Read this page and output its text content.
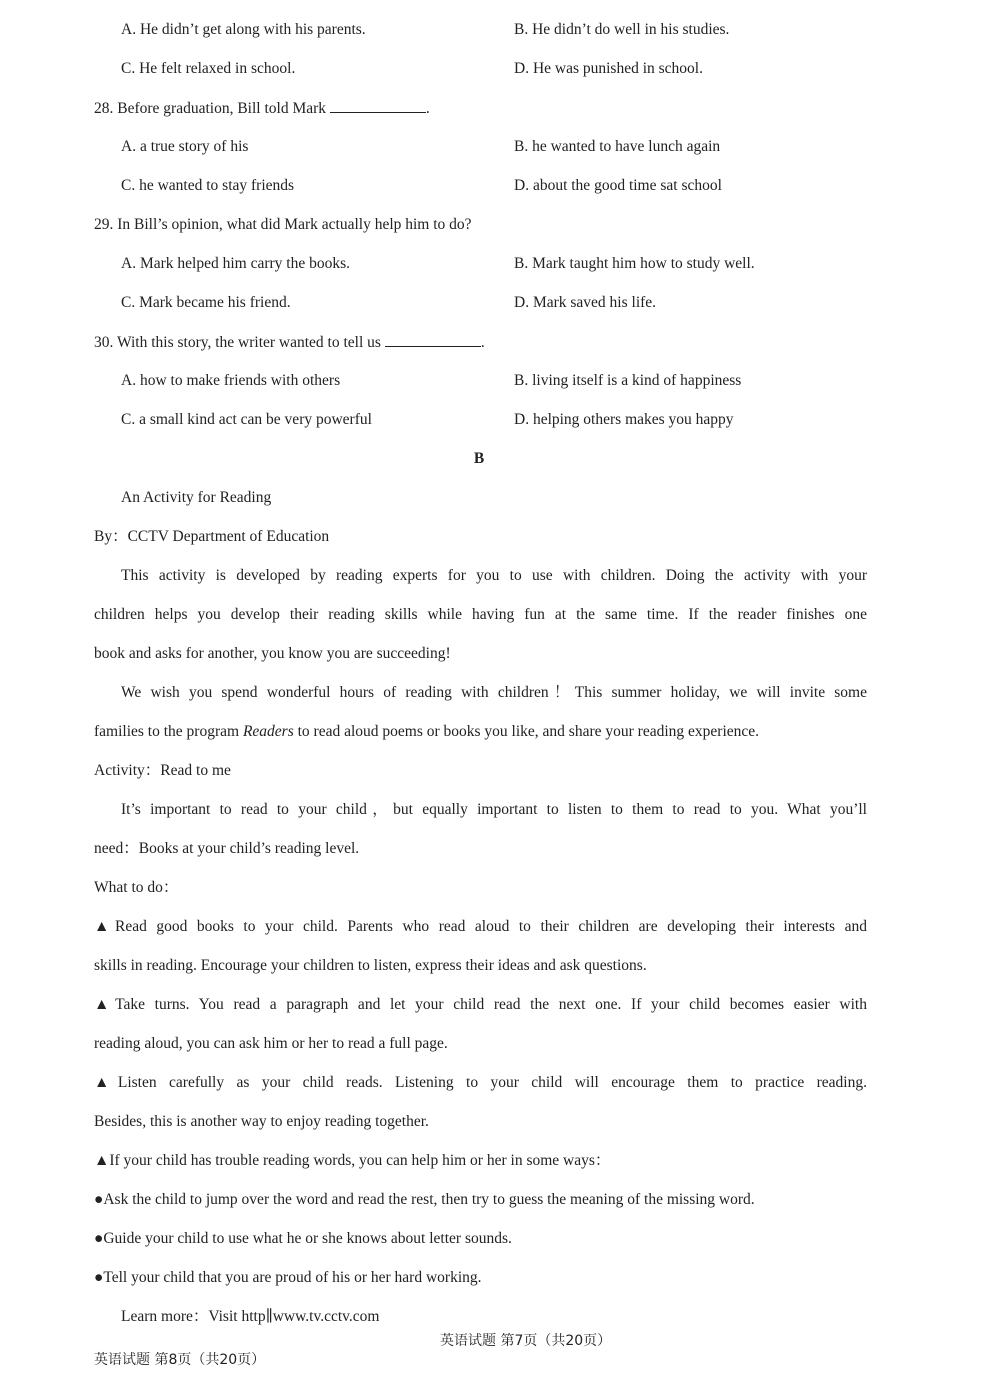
A. He didn’t get along with his parents.	B. He didn’t do well in his studies.
C. He felt relaxed in school.	D. He was punished in school.
28. Before graduation, Bill told Mark	.
A. a true story of his	B. he wanted to have lunch again
C. he wanted to stay friends	D. about the good time sat school
29. In Bill’s opinion, what did Mark actually help him to do?
A. Mark helped him carry the books.	B. Mark taught him how to study well.
C. Mark became his friend.	D. Mark saved his life.
30. With this story, the writer wanted to tell us	.
A. how to make friends with others	B. living itself is a kind of happiness
C. a small kind act can be very powerful	D. helping others makes you happy
B
An Activity for Reading
By：CCTV Department of Education
This activity is developed by reading experts for you to use with children. Doing the activity with your
children helps you develop their reading skills while having fun at the same time. If the reader finishes one
book and asks for another, you know you are succeeding!
We wish you spend wonderful hours of reading with children！This summer holiday, we will invite some
families to the program Readers to read aloud poems or books you like, and share your reading experience.
Activity：Read to me
It’s important to read to your child，but equally important to listen to them to read to you. What you’ll
need：Books at your child’s reading level.
What to do：
▲Read good books to your child. Parents who read aloud to their children are developing their interests and
skills in reading. Encourage your children to listen, express their ideas and ask questions.
▲Take turns. You read a paragraph and let your child read the next one. If your child becomes easier with
reading aloud, you can ask him or her to read a full page.
▲Listen carefully as your child reads. Listening to your child will encourage them to practice reading.
Besides, this is another way to enjoy reading together.
▲If your child has trouble reading words, you can help him or her in some ways：
●Ask the child to jump over the word and read the rest, then try to guess the meaning of the missing word.
●Guide your child to use what he or she knows about letter sounds.
●Tell your child that you are proud of his or her hard working.
Learn more：Visit http∥www.tv.cctv.com
英语试题 第7页（共20页）
英语试题 第8页（共20页）
